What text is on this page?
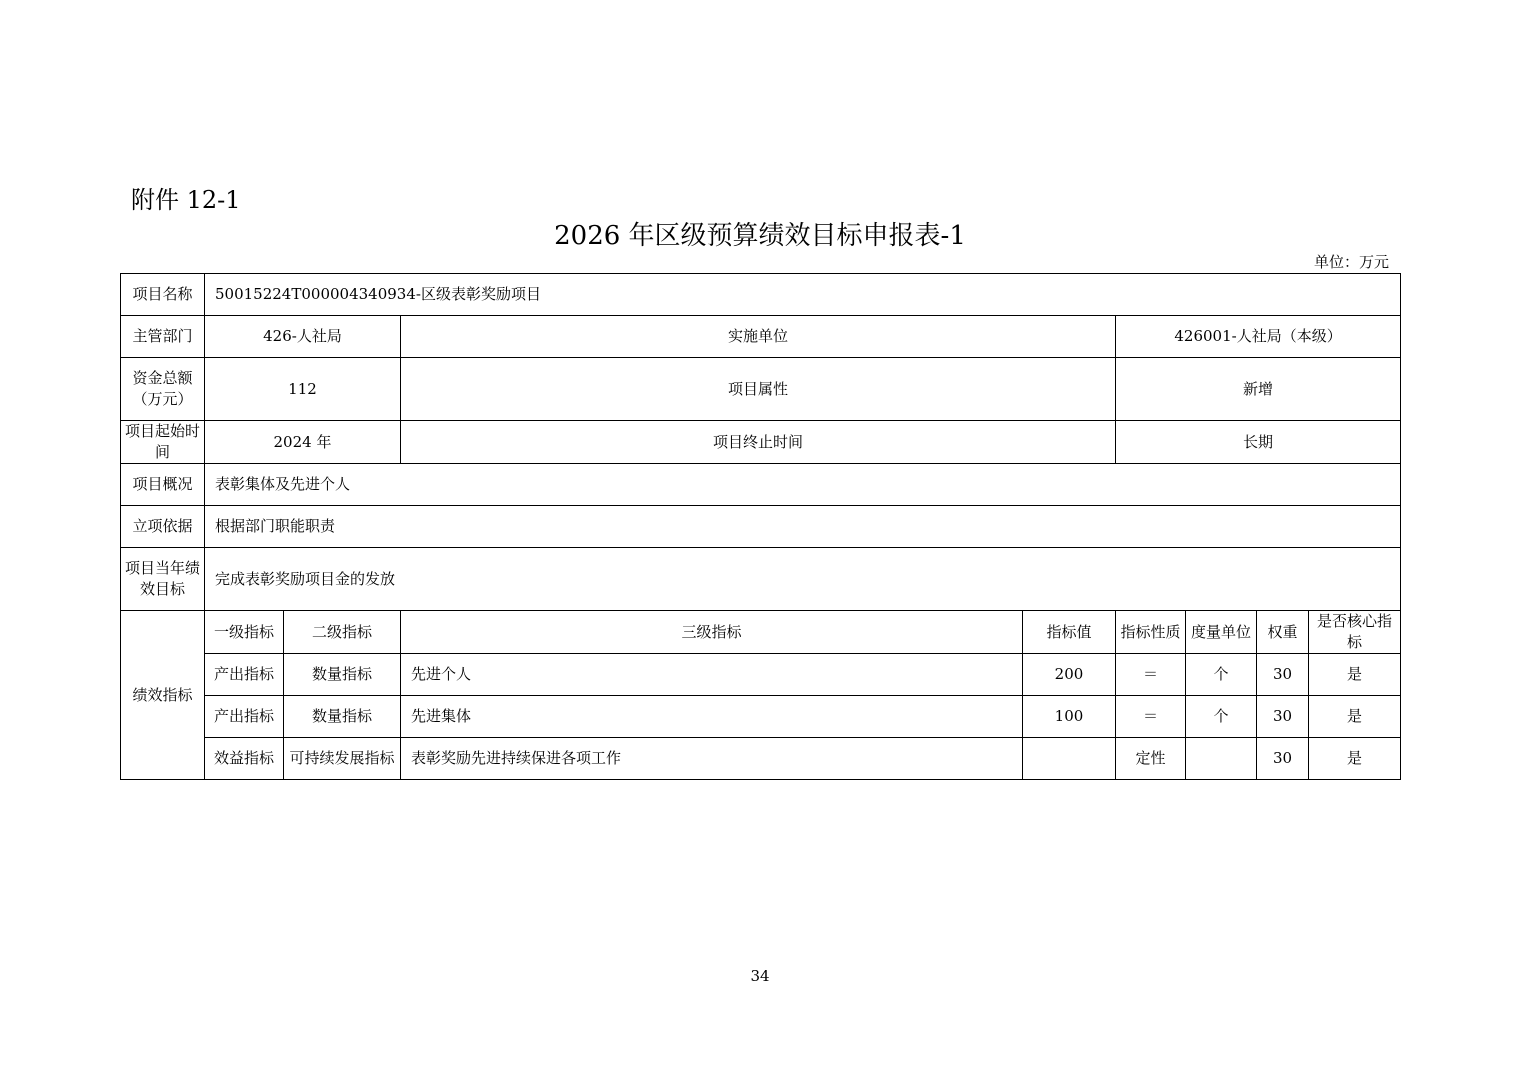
附件 12-1
2026 年区级预算绩效目标申报表-1
单位：万元
项目名称	50015224T000004340934-区级表彰奖励项目							
主管部门	426-人社局		实施单位		426001-人社局（本级）			
资金总额（万元）	112		项目属性		新增			
项目起始时间	2024 年		项目终止时间		长期			
项目概况	表彰集体及先进个人							
立项依据	根据部门职能职责							
项目当年绩效目标	完成表彰奖励项目金的发放							
绩效指标	一级指标	二级指标	三级指标	指标值	指标性质	度量单位	权重	是否核心指标
	产出指标	数量指标	先进个人	200	＝	个	30	是
	产出指标	数量指标	先进集体	100	＝	个	30	是
	效益指标	可持续发展指标	表彰奖励先进持续保进各项工作		定性		30	是
34
